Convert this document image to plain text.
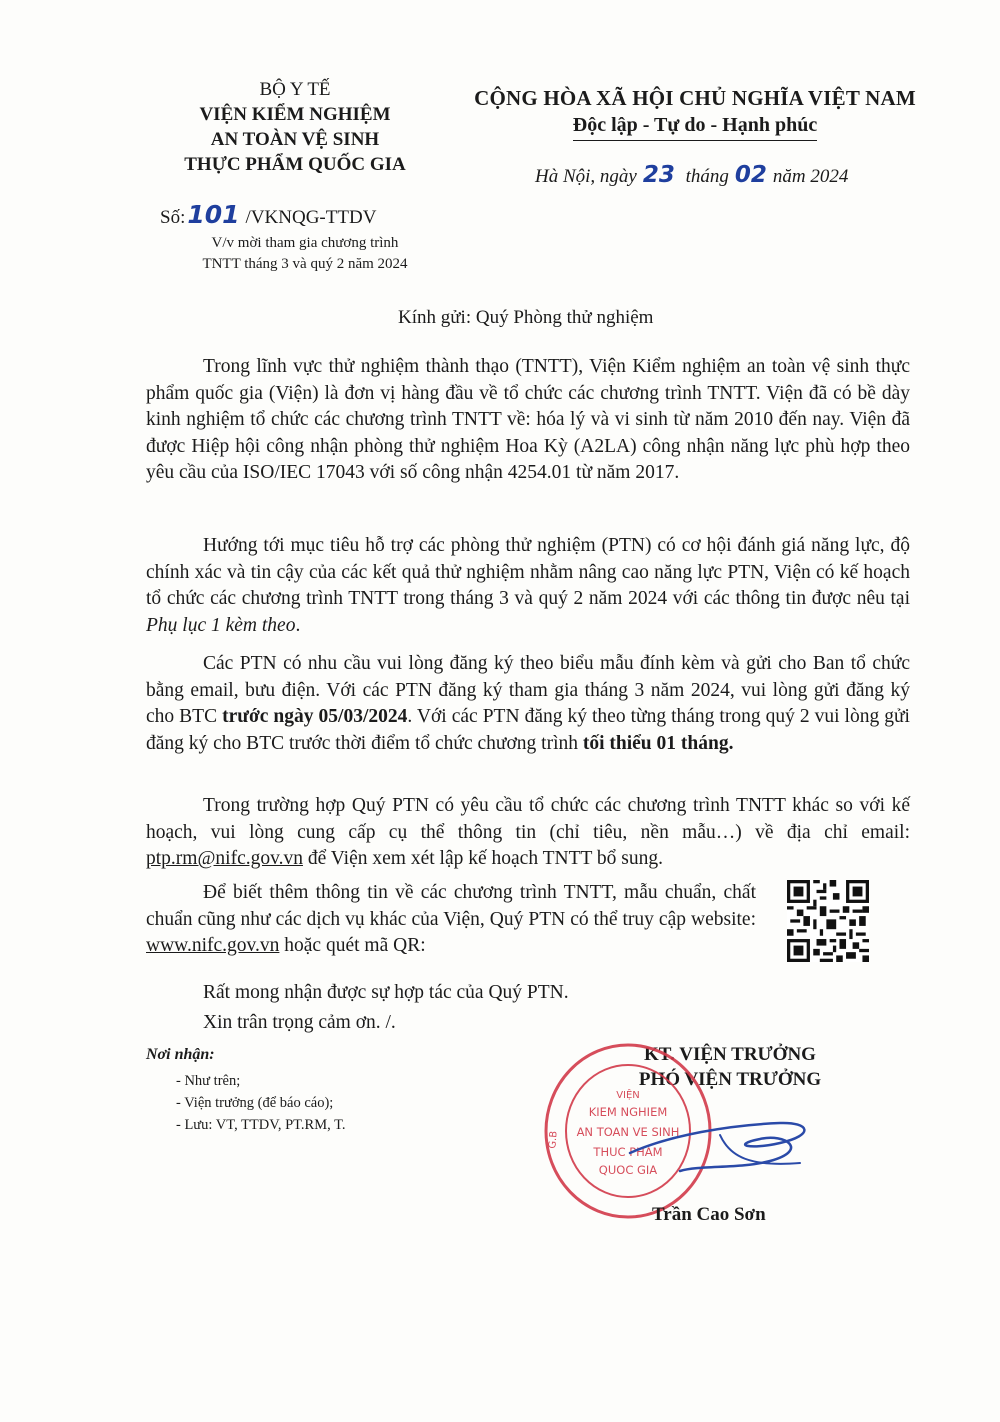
BỘ Y TẾ
VIỆN KIỂM NGHIỆM
AN TOÀN VỆ SINH
THỰC PHẨM QUỐC GIA
Số:101 /VKNQG-TTDV
V/v mời tham gia chương trình
TNTT tháng 3 và quý 2 năm 2024
CỘNG HÒA XÃ HỘI CHỦ NGHĨA VIỆT NAM
Độc lập - Tự do - Hạnh phúc
Hà Nội, ngày 23 tháng 02 năm 2024
Kính gửi: Quý Phòng thử nghiệm
Trong lĩnh vực thử nghiệm thành thạo (TNTT), Viện Kiểm nghiệm an toàn vệ sinh thực phẩm quốc gia (Viện) là đơn vị hàng đầu về tổ chức các chương trình TNTT. Viện đã có bề dày kinh nghiệm tổ chức các chương trình TNTT về: hóa lý và vi sinh từ năm 2010 đến nay. Viện đã được Hiệp hội công nhận phòng thử nghiệm Hoa Kỳ (A2LA) công nhận năng lực phù hợp theo yêu cầu của ISO/IEC 17043 với số công nhận 4254.01 từ năm 2017.
Hướng tới mục tiêu hỗ trợ các phòng thử nghiệm (PTN) có cơ hội đánh giá năng lực, độ chính xác và tin cậy của các kết quả thử nghiệm nhằm nâng cao năng lực PTN, Viện có kế hoạch tổ chức các chương trình TNTT trong tháng 3 và quý 2 năm 2024 với các thông tin được nêu tại Phụ lục 1 kèm theo.
Các PTN có nhu cầu vui lòng đăng ký theo biểu mẫu đính kèm và gửi cho Ban tổ chức bằng email, bưu điện. Với các PTN đăng ký tham gia tháng 3 năm 2024, vui lòng gửi đăng ký cho BTC trước ngày 05/03/2024. Với các PTN đăng ký theo từng tháng trong quý 2 vui lòng gửi đăng ký cho BTC trước thời điểm tổ chức chương trình tối thiểu 01 tháng.
Trong trường hợp Quý PTN có yêu cầu tổ chức các chương trình TNTT khác so với kế hoạch, vui lòng cung cấp cụ thể thông tin (chỉ tiêu, nền mẫu…) về địa chỉ email: ptp.rm@nifc.gov.vn để Viện xem xét lập kế hoạch TNTT bổ sung.
Để biết thêm thông tin về các chương trình TNTT, mẫu chuẩn, chất chuẩn cũng như các dịch vụ khác của Viện, Quý PTN có thể truy cập website: www.nifc.gov.vn hoặc quét mã QR:
Rất mong nhận được sự hợp tác của Quý PTN.
Xin trân trọng cảm ơn. /.
Nơi nhận:
- Như trên;
- Viện trưởng (để báo cáo);
- Lưu: VT, TTDV, PT.RM, T.
KT. VIỆN TRƯỞNG
PHÓ VIỆN TRƯỞNG
VIỆN
KIEM NGHIEM
AN TOAN VE SINH
THUC PHAM
QUOC GIA
G.B
Trần Cao Sơn
